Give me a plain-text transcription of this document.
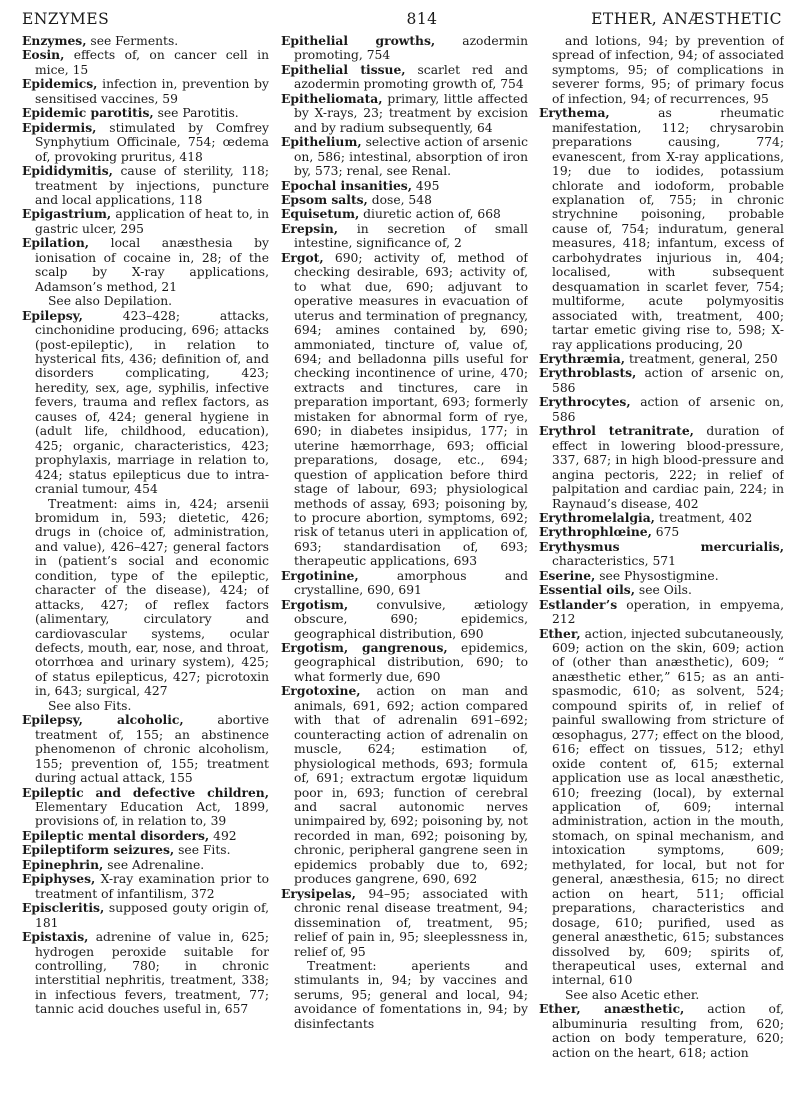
ENZYMES	814	ETHER, ANÆSTHETIC

Enzymes, see Ferments.

Eosin, effects of, on cancer cell in mice, 15

Epidemics, infection in, prevention by sensitised vaccines, 59

Epidemic parotitis, see Parotitis.

Epidermis, stimulated by Comfrey Synphytium Officinale, 754; œdema of, provoking pruritus, 418

Epididymitis, cause of sterility, 118; treatment by injections, puncture and local applications, 118

Epigastrium, application of heat to, in gastric ulcer, 295

Epilation, local anæsthesia by ionisation of cocaine in, 28; of the scalp by X-ray applications, Adamson’s method, 21

See also Depilation.

Epilepsy, 423–428; attacks, cinchonidine producing, 696; attacks (post-epileptic), in relation to hysterical fits, 436; definition of, and disorders complicating, 423; heredity, sex, age, syphilis, infective fevers, trauma and reflex factors, as causes of, 424; general hygiene in (adult life, childhood, education), 425; organic, characteristics, 423; prophylaxis, marriage in relation to, 424; status epilepticus due to intra-cranial tumour, 454

Treatment: aims in, 424; arsenii bromidum in, 593; dietetic, 426; drugs in (choice of, administration, and value), 426–427; general factors in (patient’s social and economic condition, type of the epileptic, character of the disease), 424; of attacks, 427; of reflex factors (alimentary, circulatory and cardiovascular systems, ocular defects, mouth, ear, nose, and throat, otorrhœa and urinary system), 425; of status epilepticus, 427; picrotoxin in, 643; surgical, 427

See also Fits.

Epilepsy, alcoholic, abortive treatment of, 155; an abstinence phenomenon of chronic alcoholism, 155; prevention of, 155; treatment during actual attack, 155

Epileptic and defective children, Elementary Education Act, 1899, provisions of, in relation to, 39

Epileptic mental disorders, 492

Epileptiform seizures, see Fits.

Epinephrin, see Adrenaline.

Epiphyses, X-ray examination prior to treatment of infantilism, 372

Episcleritis, supposed gouty origin of, 181

Epistaxis, adrenine of value in, 625; hydrogen peroxide suitable for controlling, 780; in chronic interstitial nephritis, treatment, 338; in infectious fevers, treatment, 77; tannic acid douches useful in, 657

Epithelial growths, azodermin promoting, 754

Epithelial tissue, scarlet red and azodermin promoting growth of, 754

Epitheliomata, primary, little affected by X-rays, 23; treatment by excision and by radium subsequently, 64

Epithelium, selective action of arsenic on, 586; intestinal, absorption of iron by, 573; renal, see Renal.

Epochal insanities, 495

Epsom salts, dose, 548

Equisetum, diuretic action of, 668

Erepsin, in secretion of small intestine, significance of, 2

Ergot, 690; activity of, method of checking desirable, 693; activity of, to what due, 690; adjuvant to operative measures in evacuation of uterus and termination of pregnancy, 694; amines contained by, 690; ammoniated, tincture of, value of, 694; and belladonna pills useful for checking incontinence of urine, 470; extracts and tinctures, care in preparation important, 693; formerly mistaken for abnormal form of rye, 690; in diabetes insipidus, 177; in uterine hæmorrhage, 693; official preparations, dosage, etc., 694; question of application before third stage of labour, 693; physiological methods of assay, 693; poisoning by, to procure abortion, symptoms, 692; risk of tetanus uteri in application of, 693; standardisation of, 693; therapeutic applications, 693

Ergotinine, amorphous and crystalline, 690, 691

Ergotism, convulsive, ætiology obscure, 690; epidemics, geographical distribution, 690

Ergotism, gangrenous, epidemics, geographical distribution, 690; to what formerly due, 690

Ergotoxine, action on man and animals, 691, 692; action compared with that of adrenalin 691–692; counteracting action of adrenalin on muscle, 624; estimation of, physiological methods, 693; formula of, 691; extractum ergotæ liquidum poor in, 693; function of cerebral and sacral autonomic nerves unimpaired by, 692; poisoning by, not recorded in man, 692; poisoning by, chronic, peripheral gangrene seen in epidemics probably due to, 692; produces gangrene, 690, 692

Erysipelas, 94–95; associated with chronic renal disease treatment, 94; dissemination of, treatment, 95; relief of pain in, 95; sleeplessness in, relief of, 95

Treatment: aperients and stimulants in, 94; by vaccines and serums, 95; general and local, 94; avoidance of fomentations in, 94; by disinfectants

and lotions, 94; by prevention of spread of infection, 94; of associated symptoms, 95; of complications in severer forms, 95; of primary focus of infection, 94; of recurrences, 95

Erythema, as rheumatic manifestation, 112; chrysarobin preparations causing, 774; evanescent, from X-ray applications, 19; due to iodides, potassium chlorate and iodoform, probable explanation of, 755; in chronic strychnine poisoning, probable cause of, 754; induratum, general measures, 418; infantum, excess of carbohydrates injurious in, 404; localised, with subsequent desquamation in scarlet fever, 754; multiforme, acute polymyositis associated with, treatment, 400; tartar emetic giving rise to, 598; X-ray applications producing, 20

Erythræmia, treatment, general, 250

Erythroblasts, action of arsenic on, 586

Erythrocytes, action of arsenic on, 586

Erythrol tetranitrate, duration of effect in lowering blood-pressure, 337, 687; in high blood-pressure and angina pectoris, 222; in relief of palpitation and cardiac pain, 224; in Raynaud’s disease, 402

Erythromelalgia, treatment, 402

Erythrophlœine, 675

Erythysmus mercurialis, characteristics, 571

Eserine, see Physostigmine.

Essential oils, see Oils.

Estlander’s operation, in empyema, 212

Ether, action, injected subcutaneously, 609; action on the skin, 609; action of (other than anæsthetic), 609; “ anæsthetic ether,” 615; as an anti-spasmodic, 610; as solvent, 524; compound spirits of, in relief of painful swallowing from stricture of œsophagus, 277; effect on the blood, 616; effect on tissues, 512; ethyl oxide content of, 615; external application use as local anæsthetic, 610; freezing (local), by external application of, 609; internal administration, action in the mouth, stomach, on spinal mechanism, and intoxication symptoms, 609; methylated, for local, but not for general, anæsthesia, 615; no direct action on heart, 511; official preparations, characteristics and dosage, 610; purified, used as general anæsthetic, 615; substances dissolved by, 609; spirits of, therapeutical uses, external and internal, 610

See also Acetic ether.

Ether, anæsthetic, action of, albuminuria resulting from, 620; action on body temperature, 620; action on the heart, 618; action
